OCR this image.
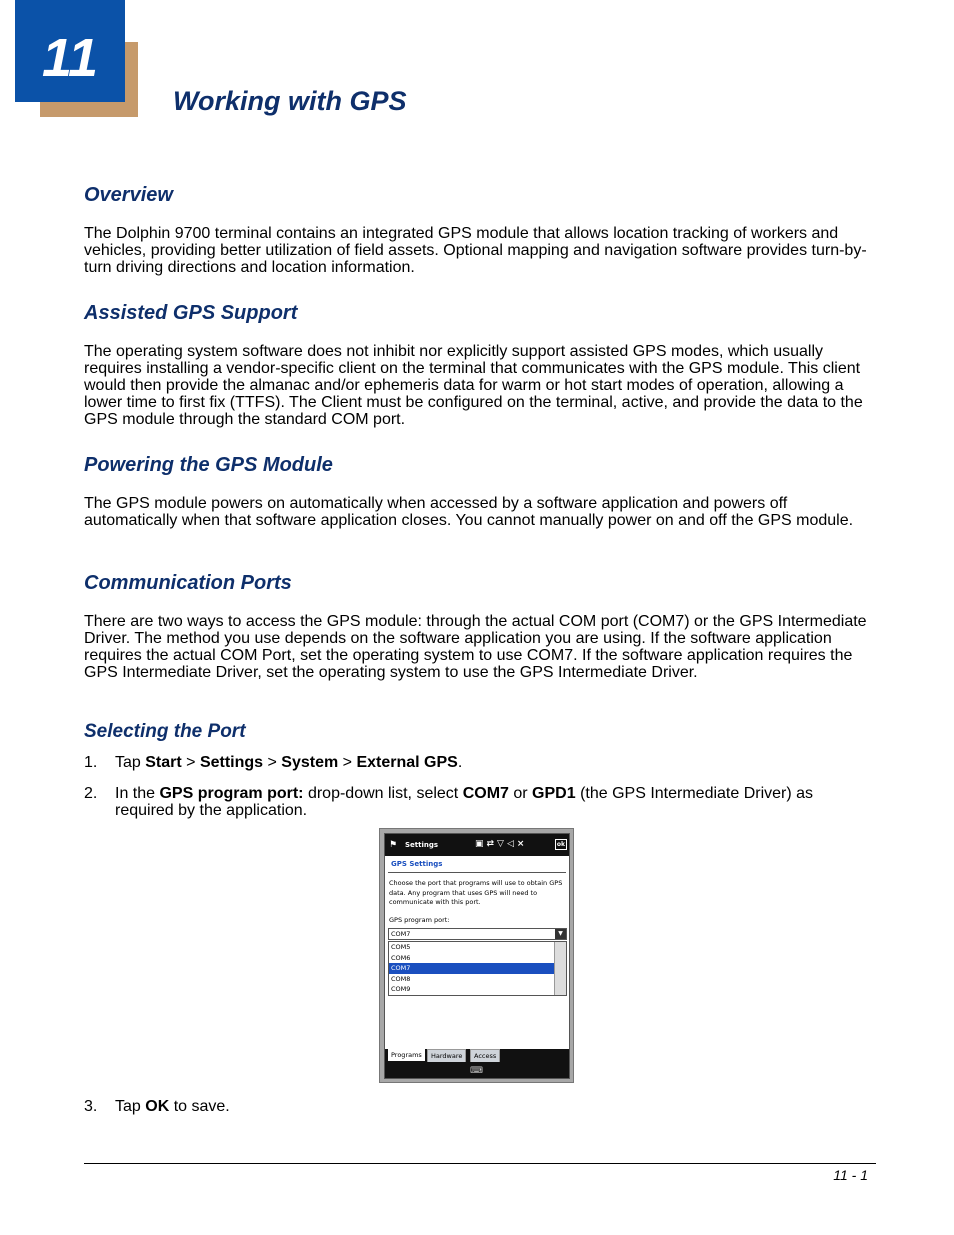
11
Working with GPS
Overview

The Dolphin 9700 terminal contains an integrated GPS module that allows location tracking of workers and vehicles, providing better utilization of field assets. Optional mapping and navigation software provides turn-by-turn driving directions and location information.

Assisted GPS Support

The operating system software does not inhibit nor explicitly support assisted GPS modes, which usually requires installing a vendor-specific client on the terminal that communicates with the GPS module. This client would then provide the almanac and/or ephemeris data for warm or hot start modes of operation, allowing a lower time to first fix (TTFS). The Client must be configured on the terminal, active, and provide the data to the GPS module through the standard COM port.

Powering the GPS Module

The GPS module powers on automatically when accessed by a software application and powers off automatically when that software application closes. You cannot manually power on and off the GPS module.

Communication Ports

There are two ways to access the GPS module: through the actual COM port (COM7) or the GPS Intermediate Driver. The method you use depends on the software application you are using. If the software application requires the actual COM Port, set the operating system to use COM7. If the software application requires the GPS Intermediate Driver, set the operating system to use the GPS Intermediate Driver.

Selecting the Port
1. Tap Start > Settings > System > External GPS.
2. In the GPS program port: drop-down list, select COM7 or GPD1 (the GPS Intermediate Driver) as required by the application.
⚑ Settings	▣⇄▽◁×	ok
GPS Settings
Choose the port that programs will use to obtain GPS data. Any program that uses GPS will need to communicate with this port.
GPS program port:
COM7	▼
COM5
COM6
COM7
COM8
COM9
Programs	Hardware	Access
⌨
3. Tap OK to save.
11 - 1
